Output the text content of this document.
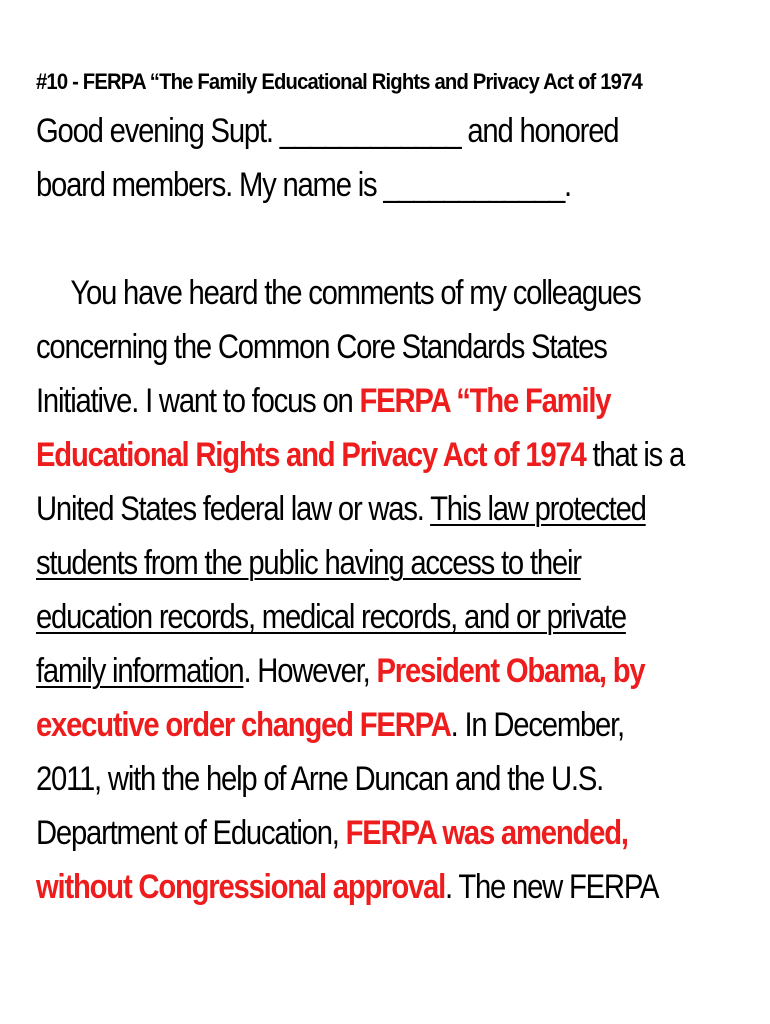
#10 - FERPA “The Family Educational Rights and Privacy Act of 1974
Good evening Supt. ____________ and honored
board members. My name is ____________.
You have heard the comments of my colleagues
concerning the Common Core Standards States
Initiative. I want to focus on FERPA “The Family
Educational Rights and Privacy Act of 1974 that is a
United States federal law or was. This law protected
students from the public having access to their
education records, medical records, and or private
family information. However, President Obama, by
executive order changed FERPA. In December,
2011, with the help of Arne Duncan and the U.S.
Department of Education, FERPA was amended,
without Congressional approval. The new FERPA
